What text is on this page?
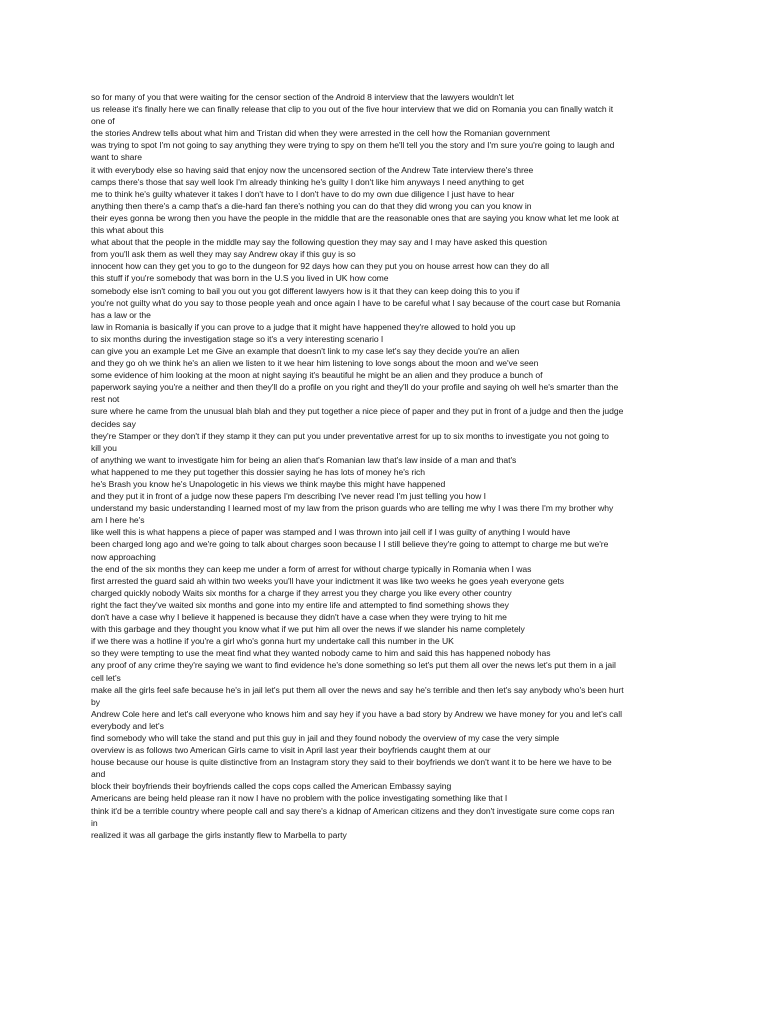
so for many of you that were waiting for the censor section of the Android 8 interview that the lawyers wouldn't let
us release it's finally here we can finally release that clip to you out of the five hour interview that we did on Romania you can finally watch it
one of
the stories Andrew tells about what him and Tristan did when they were arrested in the cell how the Romanian government
was trying to spot I'm not going to say anything they were trying to spy on them he'll tell you the story and I'm sure you're going to laugh and
want to share
it with everybody else so having said that enjoy now the uncensored section of the Andrew Tate interview there's three
camps there's those that say well look I'm already thinking he's guilty I don't like him anyways I need anything to get
me to think he's guilty whatever it takes I don't have to I don't have to do my own due diligence I just have to hear
anything then there's a camp that's a die-hard fan there's nothing you can do that they did wrong you can you know in
their eyes gonna be wrong then you have the people in the middle that are the reasonable ones that are saying you know what let me look at
this what about this
what about that the people in the middle may say the following question they may say and I may have asked this question
from you'll ask them as well they may say Andrew okay if this guy is so
innocent how can they get you to go to the dungeon for 92 days how can they put you on house arrest how can they do all
this stuff if you're somebody that was born in the U.S you lived in UK how come
somebody else isn't coming to bail you out you got different lawyers how is it that they can keep doing this to you if
you're not guilty what do you say to those people yeah and once again I have to be careful what I say because of the court case but Romania
has a law or the
law in Romania is basically if you can prove to a judge that it might have happened they're allowed to hold you up
to six months during the investigation stage so it's a very interesting scenario I
can give you an example Let me Give an example that doesn't link to my case let's say they decide you're an alien
and they go oh we think he's an alien we listen to it we hear him listening to love songs about the moon and we've seen
some evidence of him looking at the moon at night saying it's beautiful he might be an alien and they produce a bunch of
paperwork saying you're a neither and then they'll do a profile on you right and they'll do your profile and saying oh well he's smarter than the
rest not
sure where he came from the unusual blah blah and they put together a nice piece of paper and they put in front of a judge and then the judge
decides say
they're Stamper or they don't if they stamp it they can put you under preventative arrest for up to six months to investigate you not going to
kill you
of anything we want to investigate him for being an alien that's Romanian law that's law inside of a man and that's
what happened to me they put together this dossier saying he has lots of money he's rich
he's Brash you know he's Unapologetic in his views we think maybe this might have happened
and they put it in front of a judge now these papers I'm describing I've never read I'm just telling you how I
understand my basic understanding I learned most of my law from the prison guards who are telling me why I was there I'm my brother why
am I here he's
like well this is what happens a piece of paper was stamped and I was thrown into jail cell if I was guilty of anything I would have
been charged long ago and we're going to talk about charges soon because I I still believe they're going to attempt to charge me but we're
now approaching
the end of the six months they can keep me under a form of arrest for without charge typically in Romania when I was
first arrested the guard said ah within two weeks you'll have your indictment it was like two weeks he goes yeah everyone gets
charged quickly nobody Waits six months for a charge if they arrest you they charge you like every other country
right the fact they've waited six months and gone into my entire life and attempted to find something shows they
don't have a case why I believe it happened is because they didn't have a case when they were trying to hit me
with this garbage and they thought you know what if we put him all over the news if we slander his name completely
if we there was a hotline if you're a girl who's gonna hurt my undertake call this number in the UK
so they were tempting to use the meat find what they wanted nobody came to him and said this has happened nobody has
any proof of any crime they're saying we want to find evidence he's done something so let's put them all over the news let's put them in a jail
cell let's
make all the girls feel safe because he's in jail let's put them all over the news and say he's terrible and then let's say anybody who's been hurt
by
Andrew Cole here and let's call everyone who knows him and say hey if you have a bad story by Andrew we have money for you and let's call
everybody and let's
find somebody who will take the stand and put this guy in jail and they found nobody the overview of my case the very simple
overview is as follows two American Girls came to visit in April last year their boyfriends caught them at our
house because our house is quite distinctive from an Instagram story they said to their boyfriends we don't want it to be here we have to be
and
block their boyfriends their boyfriends called the cops cops called the American Embassy saying
Americans are being held please ran it now I have no problem with the police investigating something like that I
think it'd be a terrible country where people call and say there's a kidnap of American citizens and they don't investigate sure come cops ran
in
realized it was all garbage the girls instantly flew to Marbella to party
